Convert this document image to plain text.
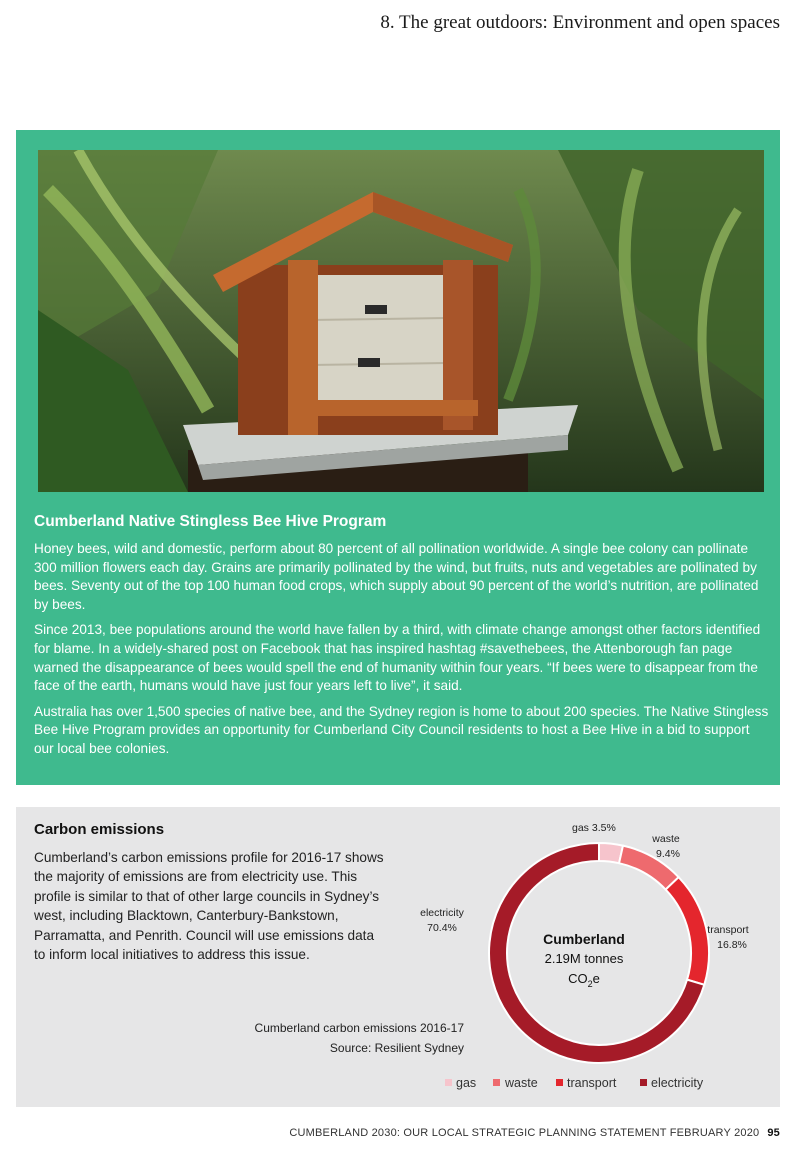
8. The great outdoors: Environment and open spaces
Cumberland Native Stingless Bee Hive Program

Honey bees, wild and domestic, perform about 80 percent of all pollination worldwide. A single bee colony can pollinate 300 million flowers each day. Grains are primarily pollinated by the wind, but fruits, nuts and vegetables are pollinated by bees. Seventy out of the top 100 human food crops, which supply about 90 percent of the world’s nutrition, are pollinated by bees.

Since 2013, bee populations around the world have fallen by a third, with climate change amongst other factors identified for blame. In a widely-shared post on Facebook that has inspired hashtag #savethebees, the Attenborough fan page warned the disappearance of bees would spell the end of humanity within four years. “If bees were to disappear from the face of the earth, humans would have just four years left to live”, it said.

Australia has over 1,500 species of native bee, and the Sydney region is home to about 200 species. The Native Stingless Bee Hive Program provides an opportunity for Cumberland City Council residents to host a Bee Hive in a bid to support our local bee colonies.

Carbon emissions
Cumberland’s carbon emissions profile for 2016-17 shows the majority of emissions are from electricity use. This profile is similar to that of other large councils in Sydney’s west, including Blacktown, Canterbury-Bankstown, Parramatta, and Penrith. Council will use emissions data to inform local initiatives to address this issue.
Cumberland
2.19M tonnes
$CO_2e$
gas 3.5%
waste
9.4%
transport
16.8%
electricity
70.4%
Cumberland carbon emissions 2016-17
Source: Resilient Sydney
gas waste transport	electricity
CUMBERLAND 2030: OUR LOCAL STRATEGIC PLANNING STATEMENT FEBRUARY 2020 95
